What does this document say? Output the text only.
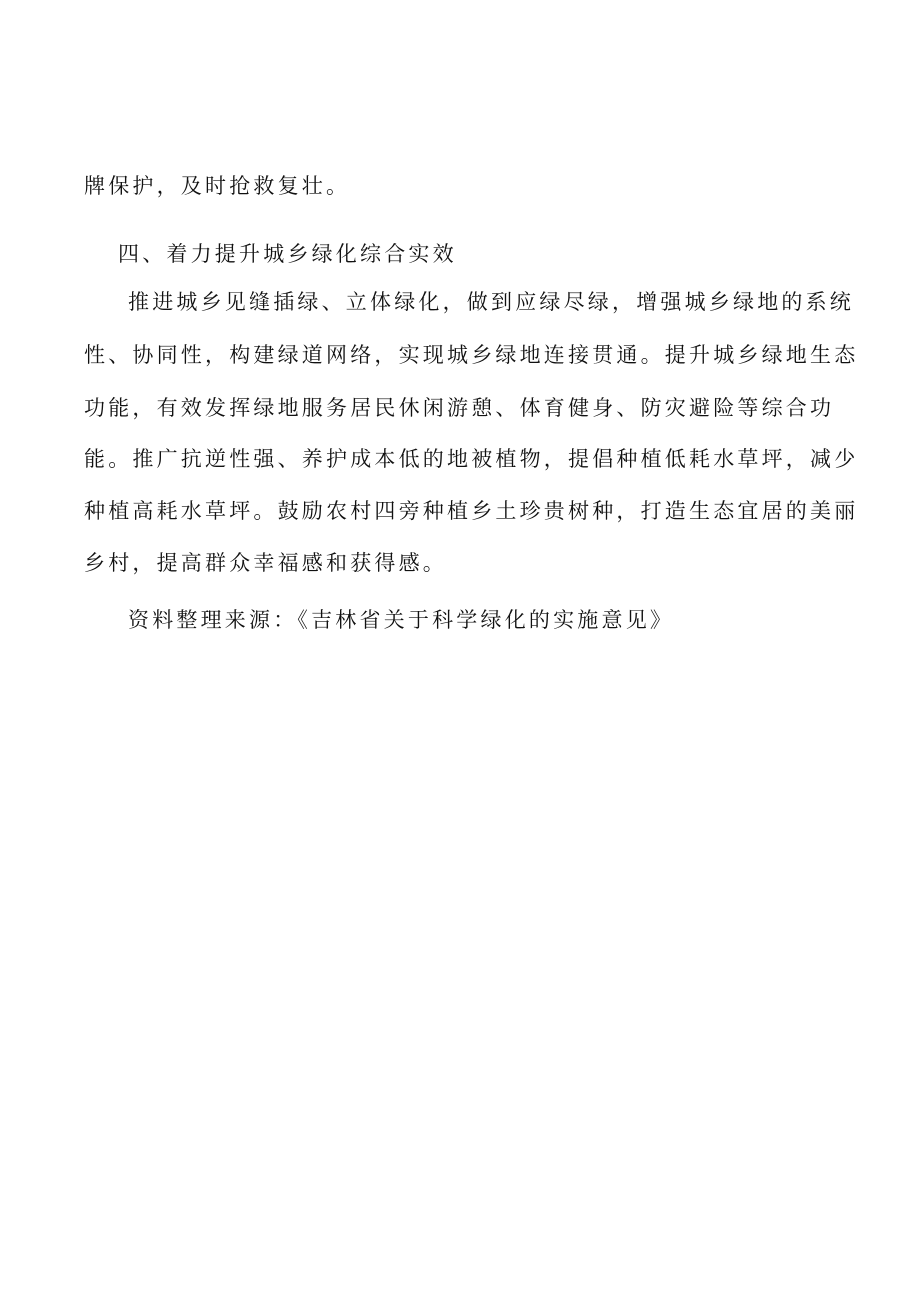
牌保护，及时抢救复壮。
四、着力提升城乡绿化综合实效
推进城乡见缝插绿、立体绿化，做到应绿尽绿，增强城乡绿地的系统
性、协同性，构建绿道网络，实现城乡绿地连接贯通。提升城乡绿地生态
功能，有效发挥绿地服务居民休闲游憩、体育健身、防灾避险等综合功
能。推广抗逆性强、养护成本低的地被植物，提倡种植低耗水草坪，减少
种植高耗水草坪。鼓励农村四旁种植乡土珍贵树种，打造生态宜居的美丽
乡村，提高群众幸福感和获得感。
资料整理来源：《吉林省关于科学绿化的实施意见》
